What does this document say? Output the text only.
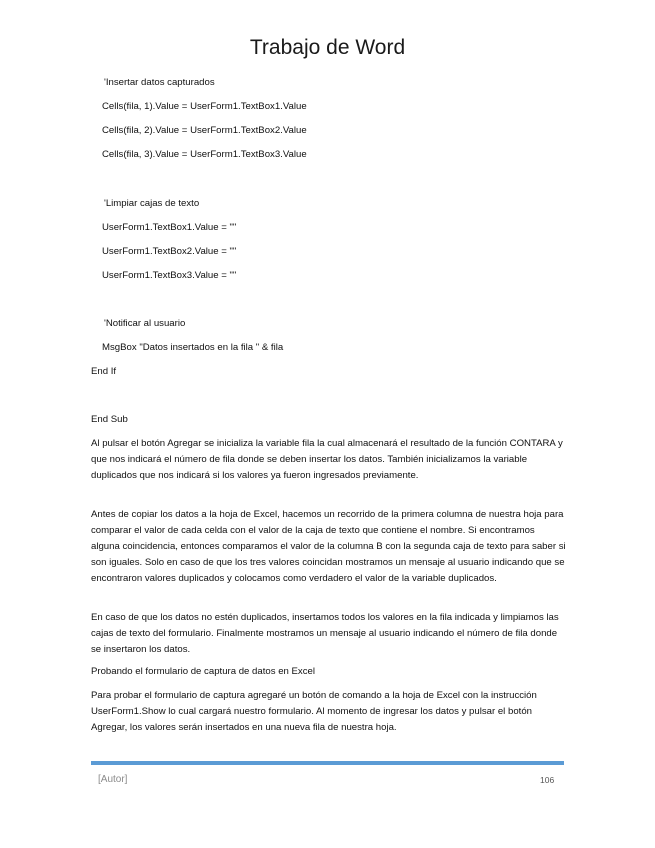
Trabajo de Word
'Insertar datos capturados
Cells(fila, 1).Value = UserForm1.TextBox1.Value
Cells(fila, 2).Value = UserForm1.TextBox2.Value
Cells(fila, 3).Value = UserForm1.TextBox3.Value
'Limpiar cajas de texto
UserForm1.TextBox1.Value = ""
UserForm1.TextBox2.Value = ""
UserForm1.TextBox3.Value = ""
'Notificar al usuario
MsgBox "Datos insertados en la fila " & fila
End If
End Sub

Al pulsar el botón Agregar se inicializa la variable fila la cual almacenará el resultado de la función CONTARA y que nos indicará el número de fila donde se deben insertar los datos. También inicializamos la variable duplicados que nos indicará si los valores ya fueron ingresados previamente.

Antes de copiar los datos a la hoja de Excel, hacemos un recorrido de la primera columna de nuestra hoja para comparar el valor de cada celda con el valor de la caja de texto que contiene el nombre. Si encontramos alguna coincidencia, entonces comparamos el valor de la columna B con la segunda caja de texto para saber si son iguales. Solo en caso de que los tres valores coincidan mostramos un mensaje al usuario indicando que se encontraron valores duplicados y colocamos como verdadero el valor de la variable duplicados.

En caso de que los datos no estén duplicados, insertamos todos los valores en la fila indicada y limpiamos las cajas de texto del formulario. Finalmente mostramos un mensaje al usuario indicando el número de fila donde se insertaron los datos.

Probando el formulario de captura de datos en Excel

Para probar el formulario de captura agregaré un botón de comando a la hoja de Excel con la instrucción UserForm1.Show lo cual cargará nuestro formulario. Al momento de ingresar los datos y pulsar el botón Agregar, los valores serán insertados en una nueva fila de nuestra hoja.

[Autor]	106
